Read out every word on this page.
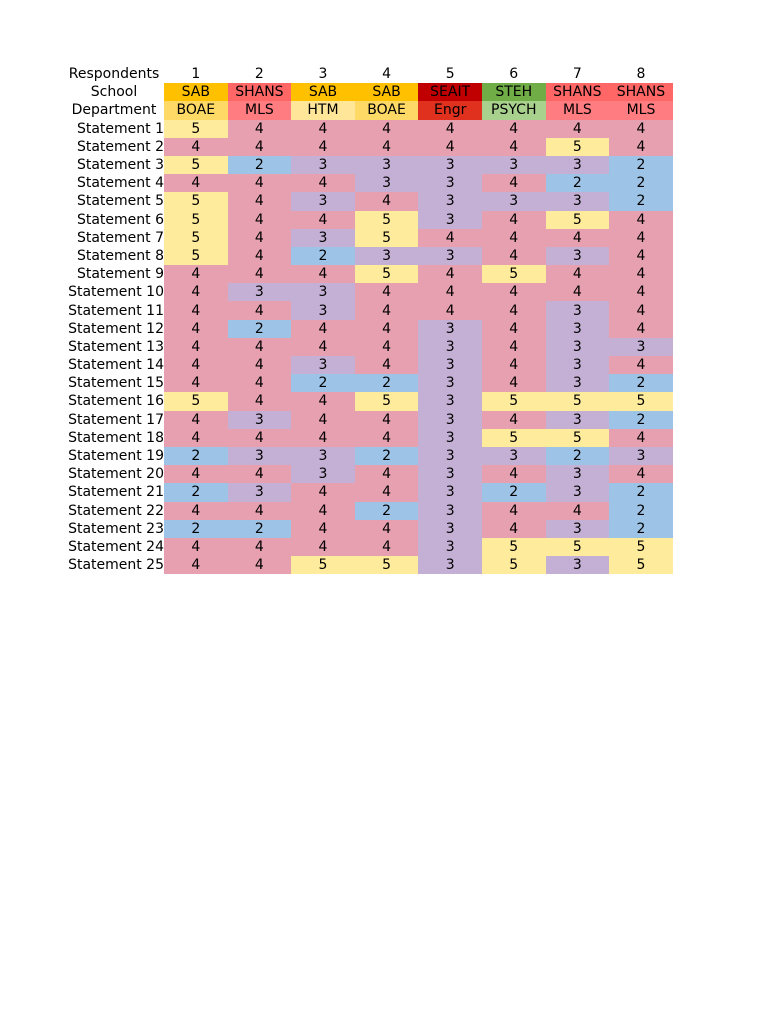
Respondents	1	2	3	4	5	6	7	8
School	SAB	SHANS	SAB	SAB	SEAIT	STEH	SHANS	SHANS
Department	BOAE	MLS	HTM	BOAE	Engr	PSYCH	MLS	MLS
Statement 1	5	4	4	4	4	4	4	4
Statement 2	4	4	4	4	4	4	5	4
Statement 3	5	2	3	3	3	3	3	2
Statement 4	4	4	4	3	3	4	2	2
Statement 5	5	4	3	4	3	3	3	2
Statement 6	5	4	4	5	3	4	5	4
Statement 7	5	4	3	5	4	4	4	4
Statement 8	5	4	2	3	3	4	3	4
Statement 9	4	4	4	5	4	5	4	4
Statement 10	4	3	3	4	4	4	4	4
Statement 11	4	4	3	4	4	4	3	4
Statement 12	4	2	4	4	3	4	3	4
Statement 13	4	4	4	4	3	4	3	3
Statement 14	4	4	3	4	3	4	3	4
Statement 15	4	4	2	2	3	4	3	2
Statement 16	5	4	4	5	3	5	5	5
Statement 17	4	3	4	4	3	4	3	2
Statement 18	4	4	4	4	3	5	5	4
Statement 19	2	3	3	2	3	3	2	3
Statement 20	4	4	3	4	3	4	3	4
Statement 21	2	3	4	4	3	2	3	2
Statement 22	4	4	4	2	3	4	4	2
Statement 23	2	2	4	4	3	4	3	2
Statement 24	4	4	4	4	3	5	5	5
Statement 25	4	4	5	5	3	5	3	5
